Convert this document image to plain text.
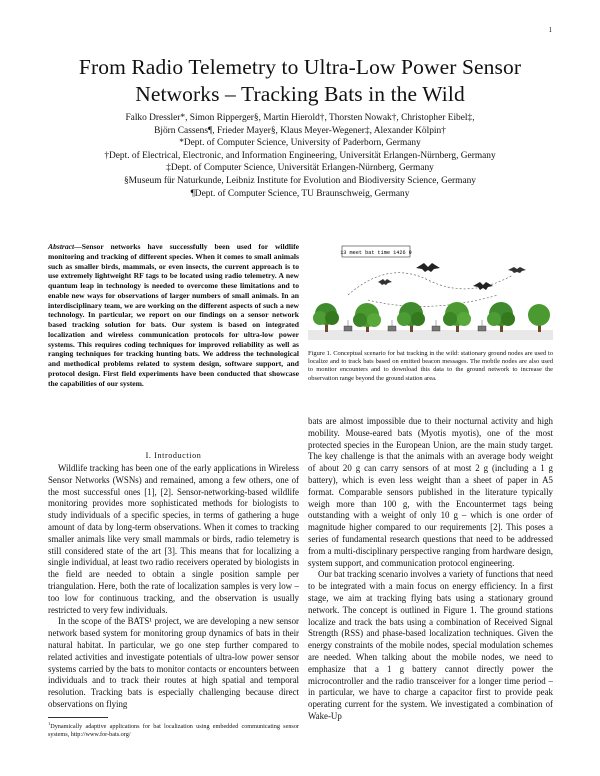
1
From Radio Telemetry to Ultra-Low Power Sensor Networks – Tracking Bats in the Wild
Falko Dressler*, Simon Ripperger§, Martin Hierold†, Thorsten Nowak†, Christopher Eibel‡,
Björn Cassens¶, Frieder Mayer§, Klaus Meyer-Wegener‡, Alexander Kölpin†
*Dept. of Computer Science, University of Paderborn, Germany
†Dept. of Electrical, Electronic, and Information Engineering, Universität Erlangen-Nürnberg, Germany
‡Dept. of Computer Science, Universität Erlangen-Nürnberg, Germany
§Museum für Naturkunde, Leibniz Institute for Evolution and Biodiversity Science, Germany
¶Dept. of Computer Science, TU Braunschweig, Germany
Abstract—Sensor networks have successfully been used for wildlife monitoring and tracking of different species. When it comes to small animals such as smaller birds, mammals, or even insects, the current approach is to use extremely lightweight RF tags to be located using radio telemetry. A new quantum leap in technology is needed to overcome these limitations and to enable new ways for observations of larger numbers of small animals. In an interdisciplinary team, we are working on the different aspects of such a new technology. In particular, we report on our findings on a sensor network based tracking solution for bats. Our system is based on integrated localization and wireless communication protocols for ultra-low power systems. This requires coding techniques for improved reliability as well as ranging techniques for tracking hunting bats. We address the technological and methodical problems related to system design, software support, and protocol design. First field experiments have been conducted that showcase the capabilities of our system.
I. Introduction

Wildlife tracking has been one of the early applications in Wireless Sensor Networks (WSNs) and remained, among a few others, one of the most successful ones [1], [2]. Sensor-networking-based wildlife monitoring provides more sophisticated methods for biologists to study individuals of a specific species, in terms of gathering a huge amount of data by long-term observations. When it comes to tracking smaller animals like very small mammals or birds, radio telemetry is still considered state of the art [3]. This means that for localizing a single individual, at least two radio receivers operated by biologists in the field are needed to obtain a single position sample per triangulation. Here, both the rate of localization samples is very low – too low for continuous tracking, and the observation is usually restricted to very few individuals.

In the scope of the BATS¹ project, we are developing a new sensor network based system for monitoring group dynamics of bats in their natural habitat. In particular, we go one step further compared to related activities and investigate potentials of ultra-low power sensor systems carried by the bats to monitor contacts or encounters between individuals and to track their routes at high spatial and temporal resolution. Tracking bats is especially challenging because direct observations on flying

$^1$Dynamically adaptive applications for bat localization using embedded communicating sensor systems, http://www.for-bats.org/
13 meet bat time 1426 9
Figure 1. Conceptual scenario for bat tracking in the wild: stationary ground nodes are used to localize and to track bats based on emitted beacon messages. The mobile nodes are also used to monitor encounters and to download this data to the ground network to increase the observation range beyond the ground station area.

bats are almost impossible due to their nocturnal activity and high mobility. Mouse-eared bats (Myotis myotis), one of the most protected species in the European Union, are the main study target. The key challenge is that the animals with an average body weight of about 20 g can carry sensors of at most 2 g (including a 1 g battery), which is even less weight than a sheet of paper in A5 format. Comparable sensors published in the literature typically weigh more than 100 g, with the Encountermet tags being outstanding with a weight of only 10 g – which is one order of magnitude higher compared to our requirements [2]. This poses a series of fundamental research questions that need to be addressed from a multi-disciplinary perspective ranging from hardware design, system support, and communication protocol engineering.

Our bat tracking scenario involves a variety of functions that need to be integrated with a main focus on energy efficiency. In a first stage, we aim at tracking flying bats using a stationary ground network. The concept is outlined in Figure 1. The ground stations localize and track the bats using a combination of Received Signal Strength (RSS) and phase-based localization techniques. Given the energy constraints of the mobile nodes, special modulation schemes are needed. When talking about the mobile nodes, we need to emphasize that a 1 g battery cannot directly power the microcontroller and the radio transceiver for a longer time period – in particular, we have to charge a capacitor first to provide peak operating current for the system. We investigated a combination of Wake-Up
